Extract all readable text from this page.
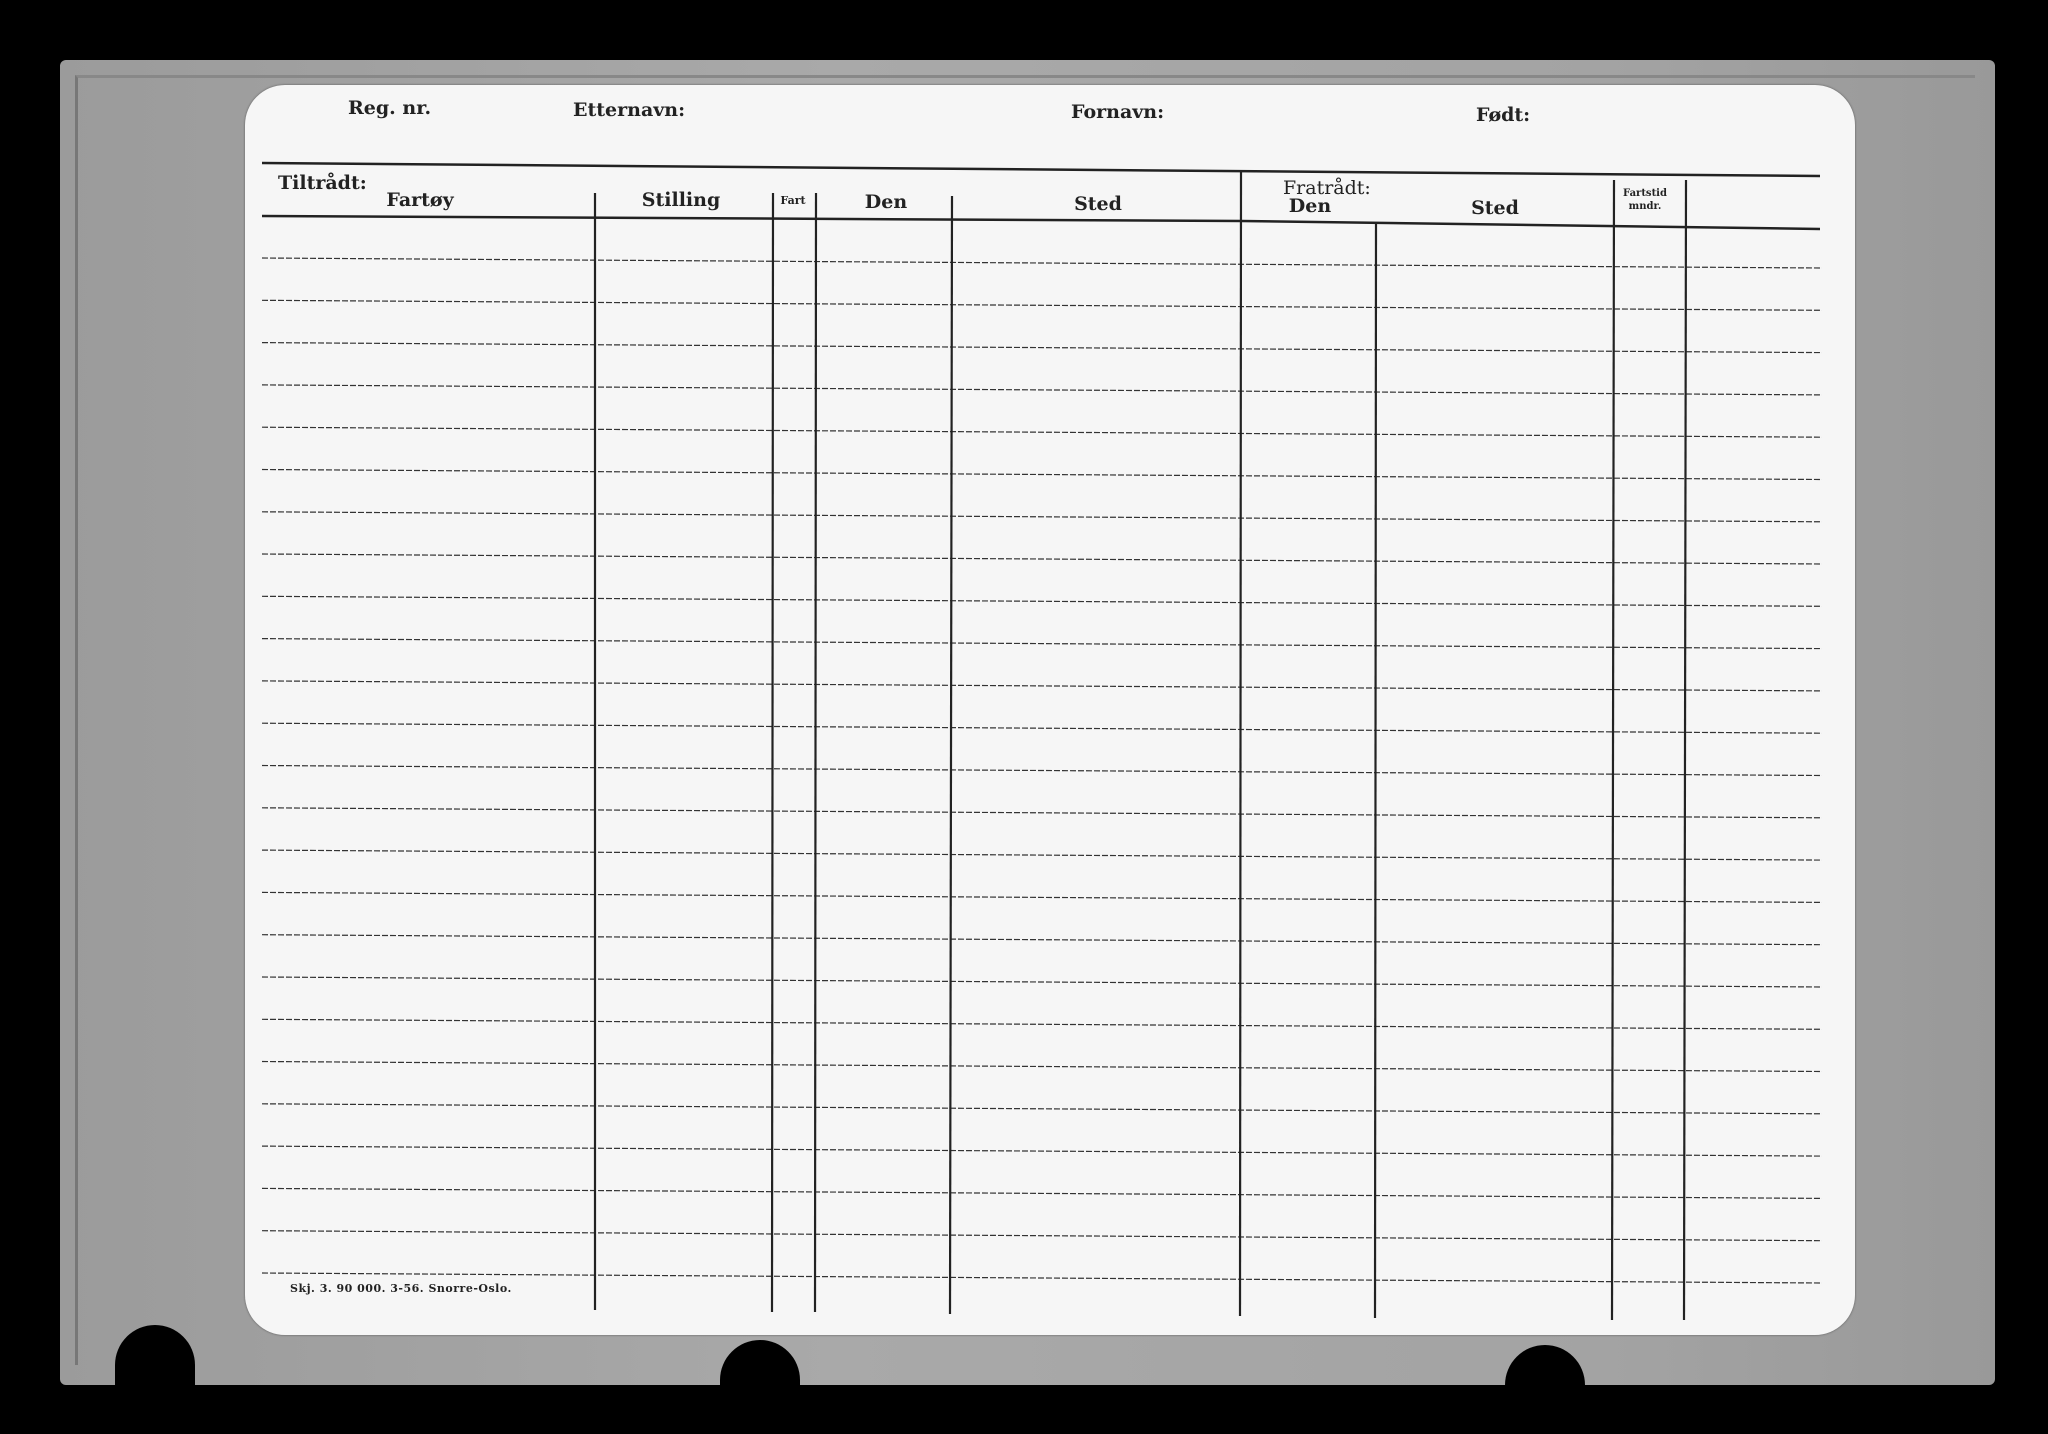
Reg. nr.	Etternavn:	Fornavn:	Født:
Tiltrådt:	Fratrådt:
Fartøy	Stilling	Fart	Den	Sted	Den	Sted
Fartstid
mndr.
Skj. 3. 90 000. 3-56. Snorre-Oslo.
